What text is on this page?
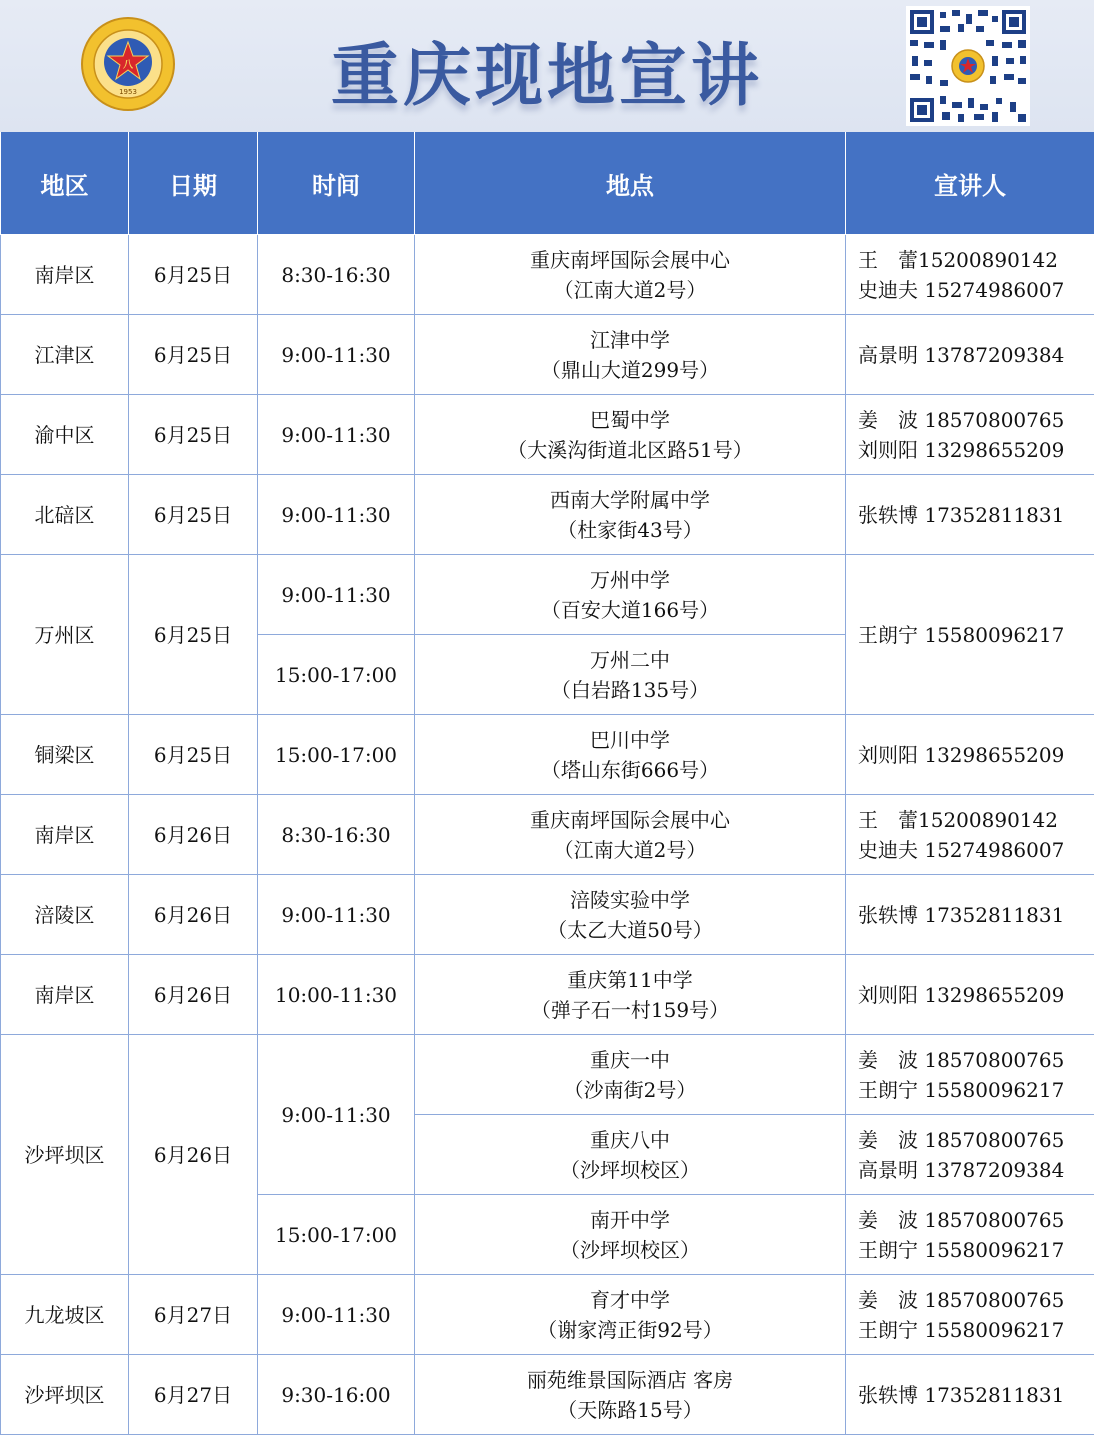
八
1953	重庆现地宣讲
地区	日期	时间	地点	宣讲人
南岸区	6月25日	8:30-16:30	重庆南坪国际会展中心
（江南大道2号）	王　蕾15200890142
史迪夫 15274986007

江津区	6月25日	9:00-11:30	江津中学
（鼎山大道299号）	高景明 13787209384

渝中区	6月25日	9:00-11:30	巴蜀中学
（大溪沟街道北区路51号）	姜　波 18570800765
刘则阳 13298655209

北碚区	6月25日	9:00-11:30	西南大学附属中学
（杜家街43号）	张轶博 17352811831

万州区	6月25日	9:00-11:30	万州中学
（百安大道166号）	王朗宁 15580096217

		15:00-17:00	万州二中
（白岩路135号）	

铜梁区	6月25日	15:00-17:00	巴川中学
（塔山东街666号）	刘则阳 13298655209

南岸区	6月26日	8:30-16:30	重庆南坪国际会展中心
（江南大道2号）	王　蕾15200890142
史迪夫 15274986007

涪陵区	6月26日	9:00-11:30	涪陵实验中学
（太乙大道50号）	张轶博 17352811831

南岸区	6月26日	10:00-11:30	重庆第11中学
（弹子石一村159号）	刘则阳 13298655209

沙坪坝区	6月26日	9:00-11:30	重庆一中
（沙南街2号）	姜　波 18570800765
王朗宁 15580096217

			重庆八中
（沙坪坝校区）	姜　波 18570800765
高景明 13787209384

		15:00-17:00	南开中学
（沙坪坝校区）	姜　波 18570800765
王朗宁 15580096217

九龙坡区	6月27日	9:00-11:30	育才中学
（谢家湾正街92号）	姜　波 18570800765
王朗宁 15580096217

沙坪坝区	6月27日	9:30-16:00	丽苑维景国际酒店 客房
（天陈路15号）	张轶博 17352811831
